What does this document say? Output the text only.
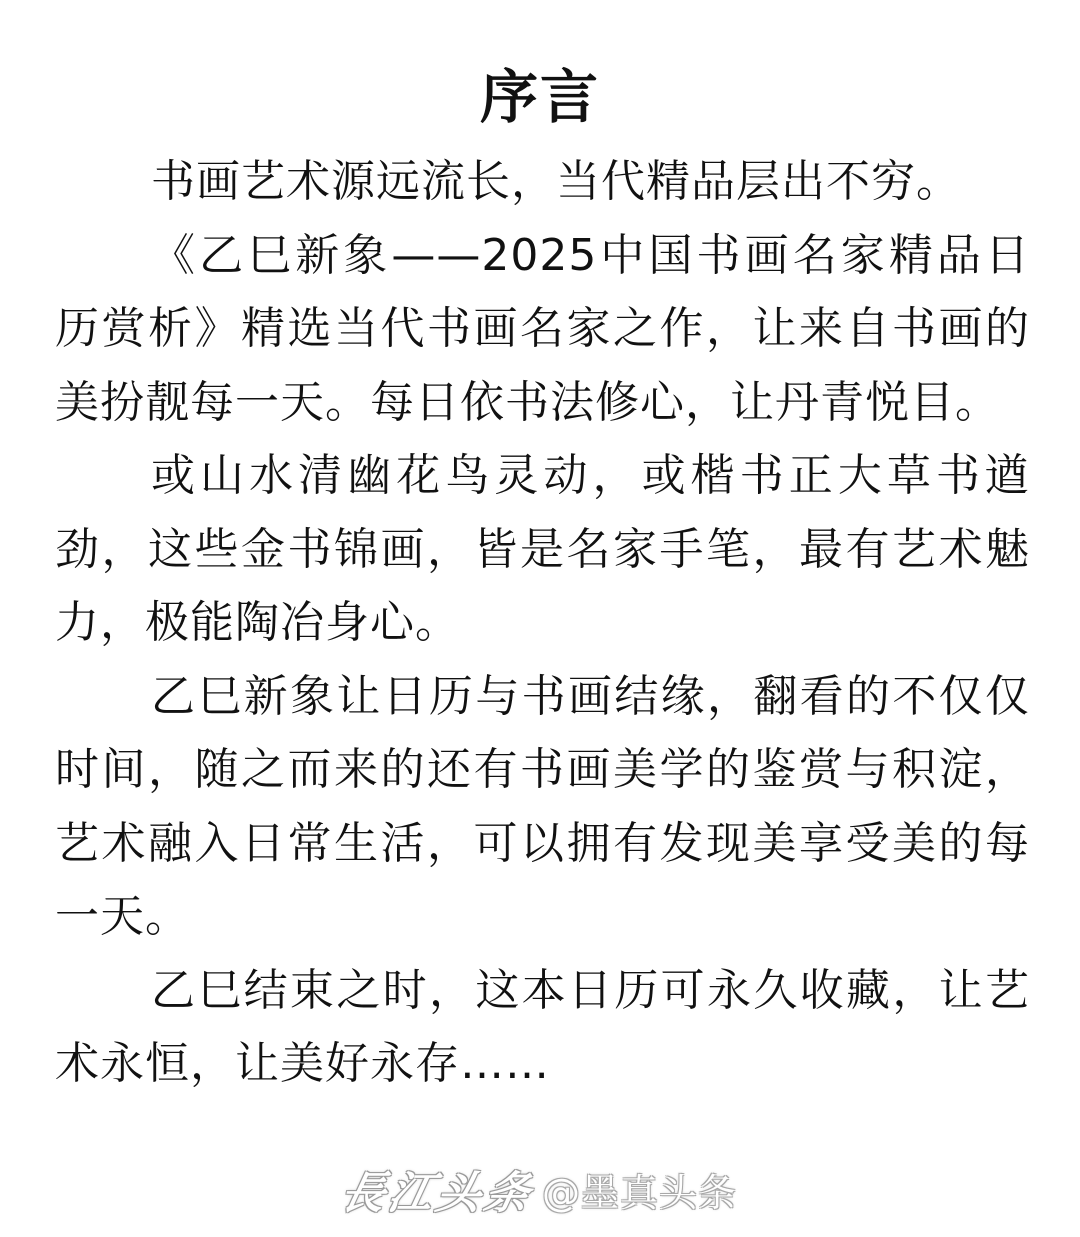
序言

书画艺术源远流长，当代精品层出不穷。

《乙巳新象——2025中国书画名家精品日历赏析》精选当代书画名家之作，让来自书画的美扮靓每一天。每日依书法修心，让丹青悦目。

或山水清幽花鸟灵动，或楷书正大草书遒劲，这些金书锦画，皆是名家手笔，最有艺术魅力，极能陶冶身心。

乙巳新象让日历与书画结缘，翻看的不仅仅时间，随之而来的还有书画美学的鉴赏与积淀，艺术融入日常生活，可以拥有发现美享受美的每一天。

乙巳结束之时，这本日历可永久收藏，让艺术永恒，让美好永存……

長江头条 @墨真头条
